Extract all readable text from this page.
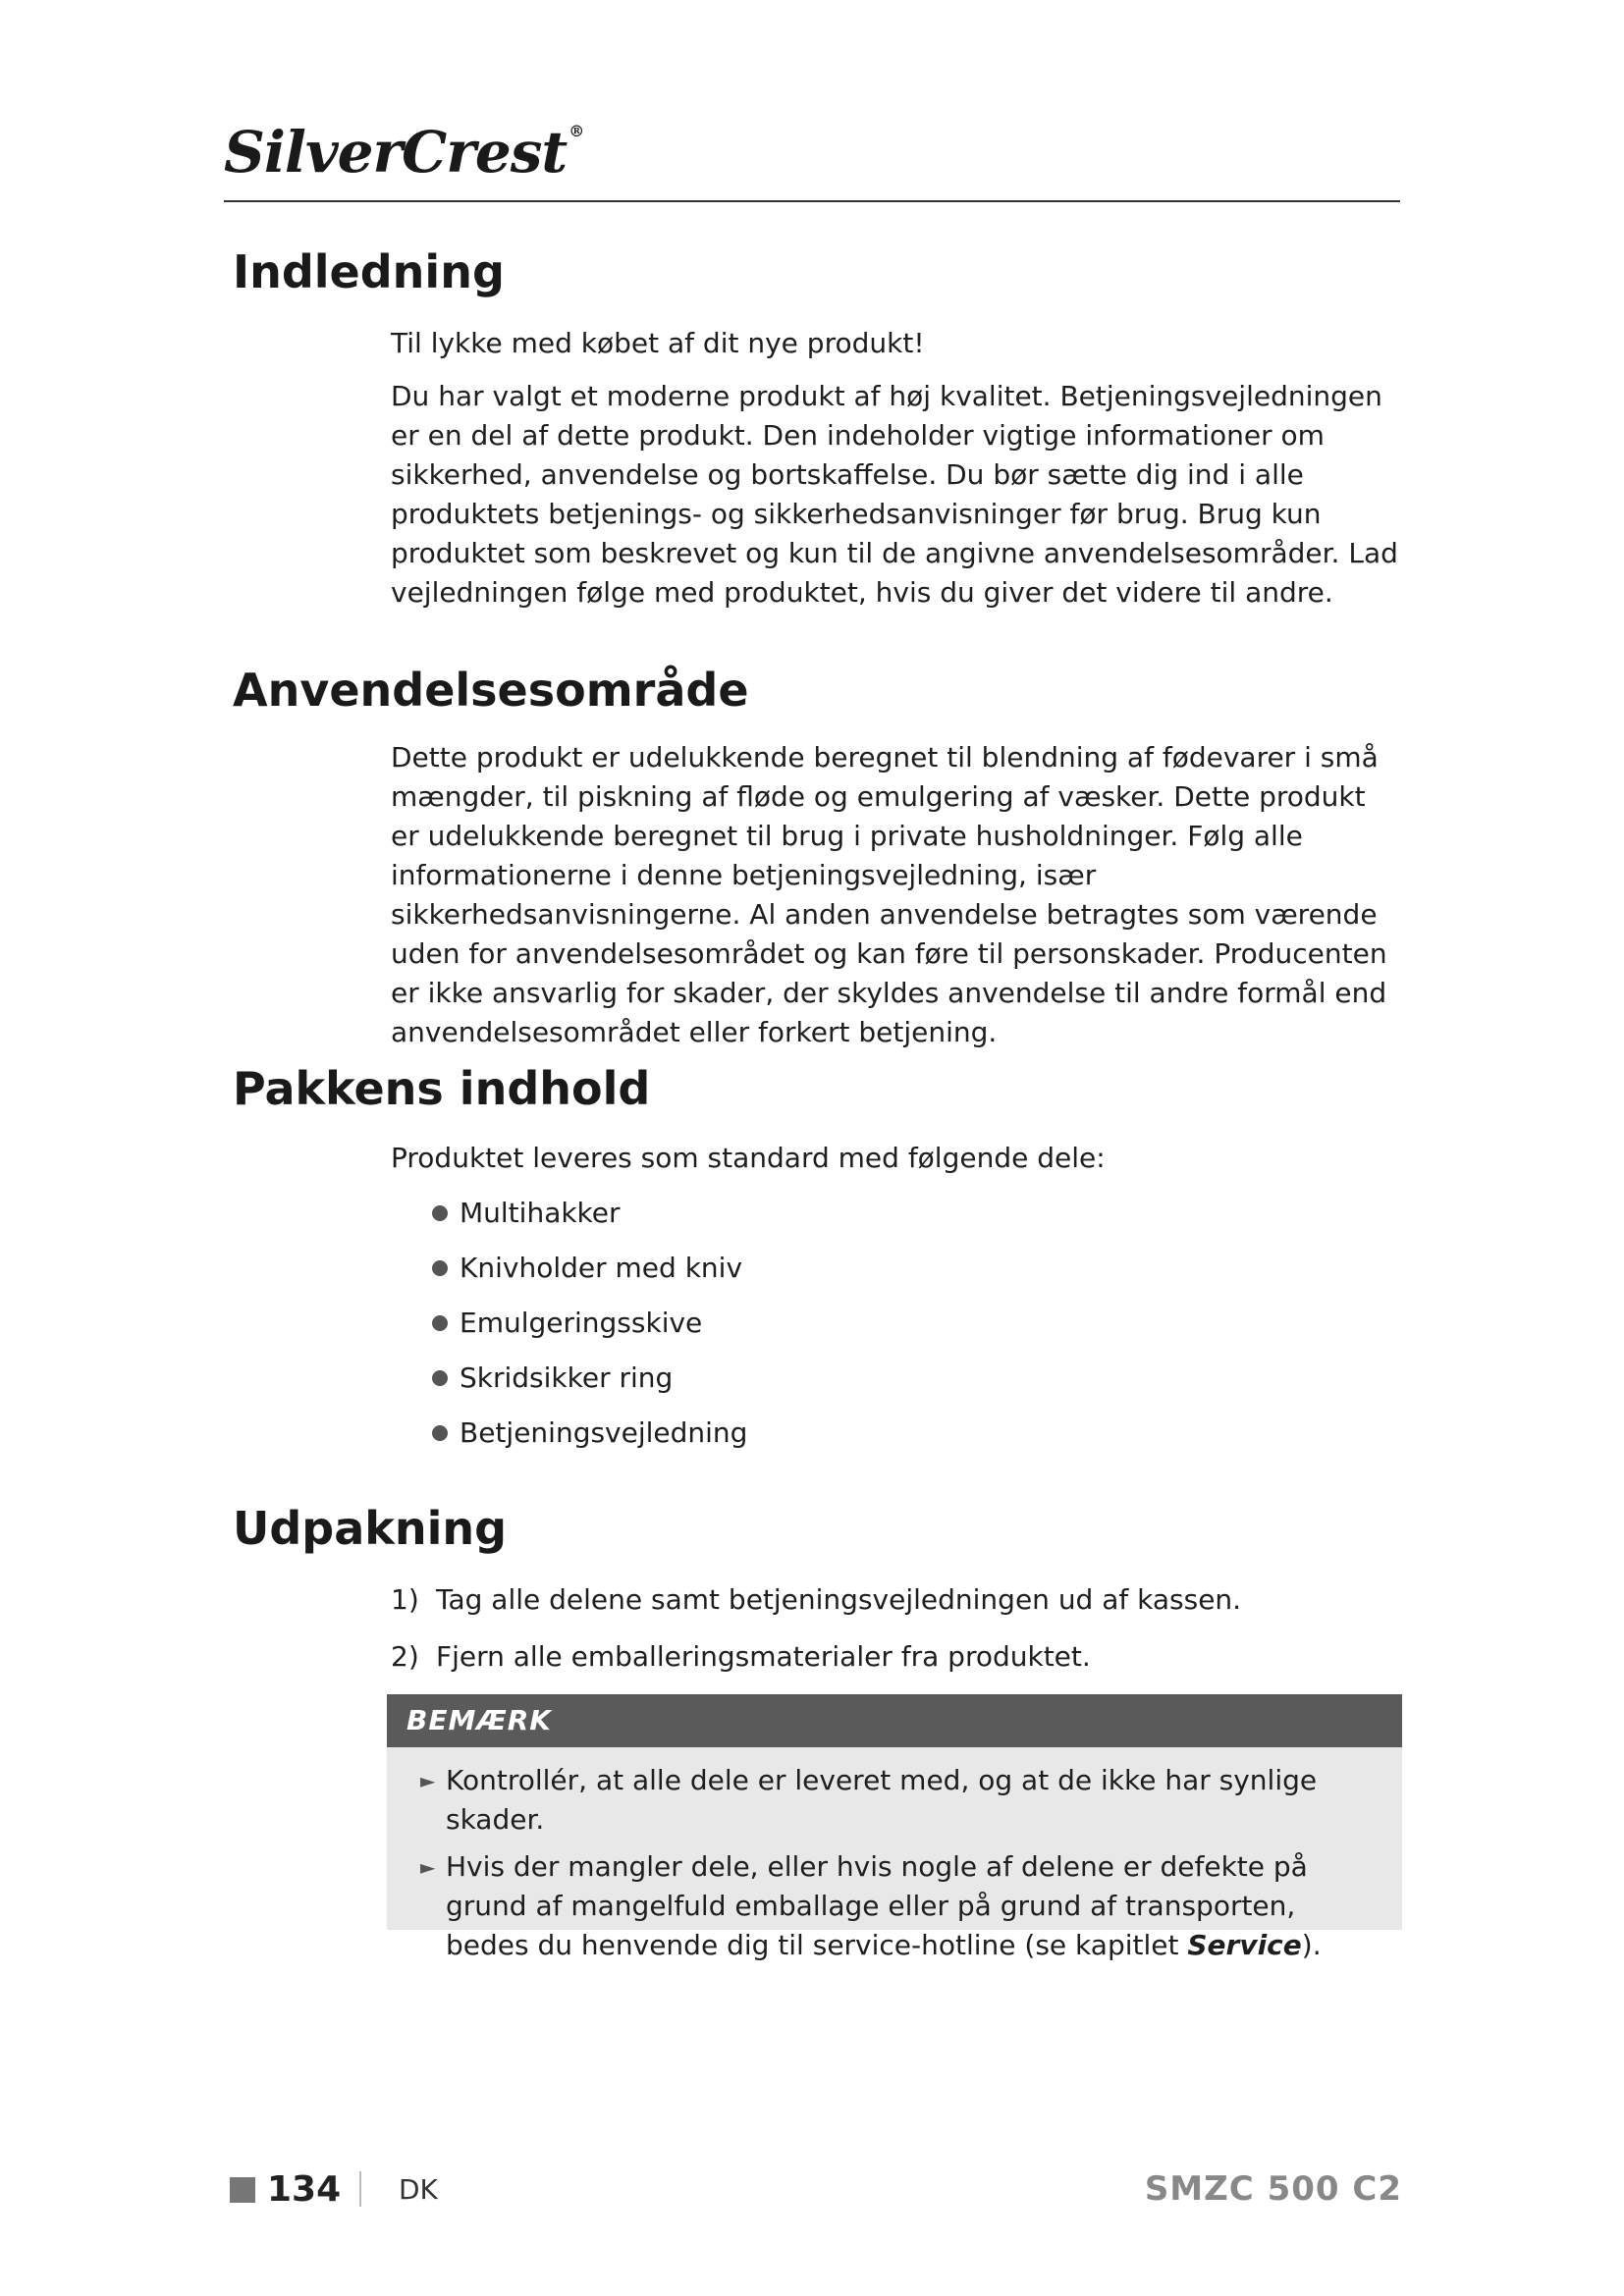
SilverCrest ®
Indledning

Til lykke med købet af dit nye produkt!

Du har valgt et moderne produkt af høj kvalitet. Betjeningsvejledningen er en del af dette produkt. Den indeholder vigtige informationer om sikkerhed, anvendelse og bortskaffelse. Du bør sætte dig ind i alle produktets betjenings- og sikkerhedsanvisninger før brug. Brug kun produktet som beskrevet og kun til de angivne anvendelsesområder. Lad vejledningen følge med produktet, hvis du giver det videre til andre.

Anvendelsesområde

Dette produkt er udelukkende beregnet til blendning af fødevarer i små mængder, til piskning af fløde og emulgering af væsker. Dette produkt er udelukkende beregnet til brug i private husholdninger. Følg alle informationerne i denne betjeningsvejledning, især sikkerhedsanvisningerne. Al anden anvendelse betragtes som værende uden for anvendelsesområdet og kan føre til personskader. Producenten er ikke ansvarlig for skader, der skyldes anvendelse til andre formål end anvendelsesområdet eller forkert betjening.

Pakkens indhold
Produktet leveres som standard med følgende dele:
Multihakker
Knivholder med kniv
Emulgeringsskive
Skridsikker ring
Betjeningsvejledning
Udpakning
1) Tag alle delene samt betjeningsvejledningen ud af kassen.
2) Fjern alle emballeringsmaterialer fra produktet.
BEMÆRK
► Kontrollér, at alle dele er leveret med, og at de ikke har synlige skader.
► Hvis der mangler dele, eller hvis nogle af delene er defekte på grund af mangelfuld emballage eller på grund af transporten, bedes du henvende dig til service-hotline (se kapitlet Service).
134 DK	SMZC 500 C2
